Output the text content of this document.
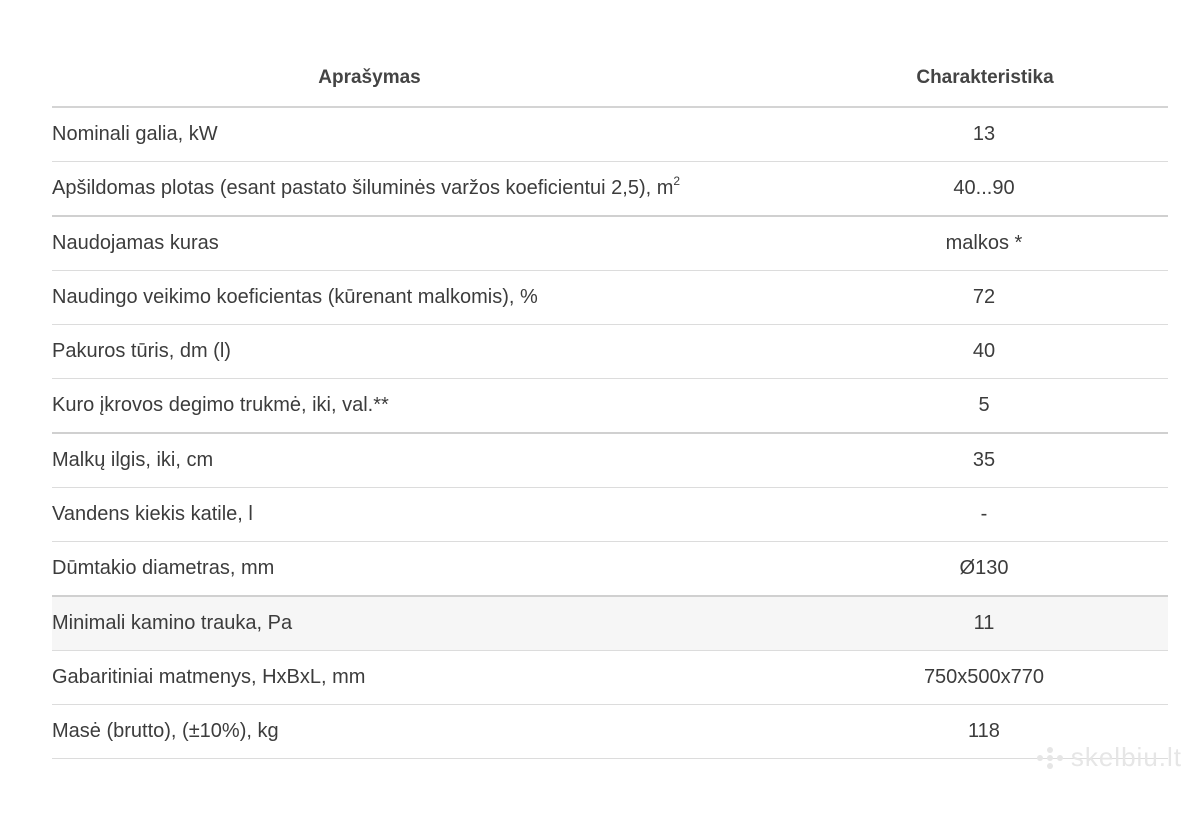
Aprašymas	Charakteristika
Nominali galia, kW	13
Apšildomas plotas (esant pastato šiluminės varžos koeficientui 2,5), $m^2$	40...90
Naudojamas kuras	malkos *
Naudingo veikimo koeficientas (kūrenant malkomis), %	72
Pakuros tūris, dm (l)	40
Kuro įkrovos degimo trukmė, iki, val.**	5
Malkų ilgis, iki, cm	35
Vandens kiekis katile, l	-
Dūmtakio diametras, mm	Ø130
Minimali kamino trauka, Pa	11
Gabaritiniai matmenys, HxBxL, mm	750x500x770
Masė (brutto), (±10%), kg	118
skelbiu.lt
